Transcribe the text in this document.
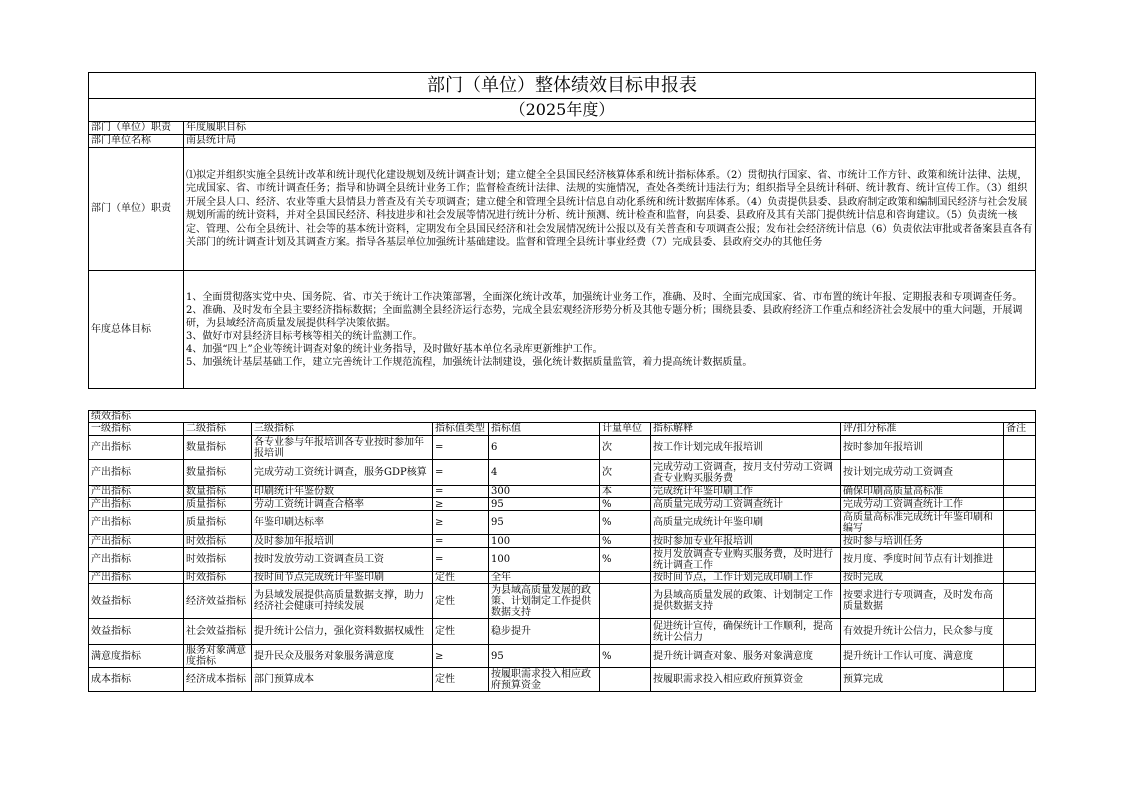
部门（单位）整体绩效目标申报表	
（2025年度）	
部门（单位）职责	年度履职目标
部门单位名称	南县统计局
部门（单位）职责	⑴拟定并组织实施全县统计改革和统计现代化建设规划及统计调查计划；建立健全全县国民经济核算体系和统计指标体系。（2）贯彻执行国家、省、市统计工作方针、政策和统计法律、法规，完成国家、省、市统计调查任务；指导和协调全县统计业务工作；监督检查统计法律、法规的实施情况，查处各类统计违法行为；组织指导全县统计科研、统计教育、统计宣传工作。（3）组织开展全县人口、经济、农业等重大县情县力普查及有关专项调查；建立健全和管理全县统计信息自动化系统和统计数据库体系。（4）负责提供县委、县政府制定政策和编制国民经济与社会发展规划所需的统计资料，并对全县国民经济、科技进步和社会发展等情况进行统计分析、统计预测、统计检查和监督，向县委、县政府及其有关部门提供统计信息和咨询建议。（5）负责统一核定、管理、公布全县统计、社会等的基本统计资料，定期发布全县国民经济和社会发展情况统计公报以及有关普查和专项调查公报；发布社会经济统计信息（6）负责依法审批或者备案县直各有关部门的统计调查计划及其调查方案。指导各基层单位加强统计基础建设。监督和管理全县统计事业经费（7）完成县委、县政府交办的其他任务
年度总体目标	1、全面贯彻落实党中央、国务院、省、市关于统计工作决策部署，全面深化统计改革，加强统计业务工作，准确、及时、全面完成国家、省、市布置的统计年报、定期报表和专项调查任务。
2、准确、及时发布全县主要经济指标数据；全面监测全县经济运行态势，完成全县宏观经济形势分析及其他专题分析；围绕县委、县政府经济工作重点和经济社会发展中的重大问题，开展调研，为县域经济高质量发展提供科学决策依据。
3、做好市对县经济目标考核等相关的统计监测工作。
4、加强“四上”企业等统计调查对象的统计业务指导，及时做好基本单位名录库更新维护工作。
5、加强统计基层基础工作，建立完善统计工作规范流程，加强统计法制建设，强化统计数据质量监管，着力提高统计数据质量。
绩效指标								
一级指标	二级指标	三级指标	指标值类型	指标值	计量单位	指标解释	评/扣分标准	备注
产出指标	数量指标	各专业参与年报培训各专业按时参加年报培训	=	6	次	按工作计划完成年报培训	按时参加年报培训	
产出指标	数量指标	完成劳动工资统计调查，服务GDP核算	=	4	次	完成劳动工资调查，按月支付劳动工资调查专业购买服务费	按计划完成劳动工资调查	
产出指标	数量指标	印刷统计年鉴份数	=	300	本	完成统计年鉴印刷工作	确保印刷高质量高标准	
产出指标	质量指标	劳动工资统计调查合格率	≥	95	%	高质量完成劳动工资调查统计	完成劳动工资调查统计工作	
产出指标	质量指标	年鉴印刷达标率	≥	95	%	高质量完成统计年鉴印刷	高质量高标准完成统计年鉴印刷和编写	
产出指标	时效指标	及时参加年报培训	=	100	%	按时参加专业年报培训	按时参与培训任务	
产出指标	时效指标	按时发放劳动工资调查员工资	=	100	%	按月发放调查专业购买服务费，及时进行统计调查工作	按月度、季度时间节点有计划推进	
产出指标	时效指标	按时间节点完成统计年鉴印刷	定性	全年		按时间节点，工作计划完成印刷工作	按时完成	
效益指标	经济效益指标	为县域发展提供高质量数据支撑，助力经济社会健康可持续发展	定性	为县域高质量发展的政策、计划制定工作提供数据支持		为县域高质量发展的政策、计划制定工作提供数据支持	按要求进行专项调查，及时发布高质量数据	
效益指标	社会效益指标	提升统计公信力，强化资料数据权威性	定性	稳步提升		促进统计宣传，确保统计工作顺利，提高统计公信力	有效提升统计公信力，民众参与度	
满意度指标	服务对象满意度指标	提升民众及服务对象服务满意度	≥	95	%	提升统计调查对象、服务对象满意度	提升统计工作认可度、满意度	
成本指标	经济成本指标	部门预算成本	定性	按履职需求投入相应政府预算资金		按履职需求投入相应政府预算资金	预算完成	
